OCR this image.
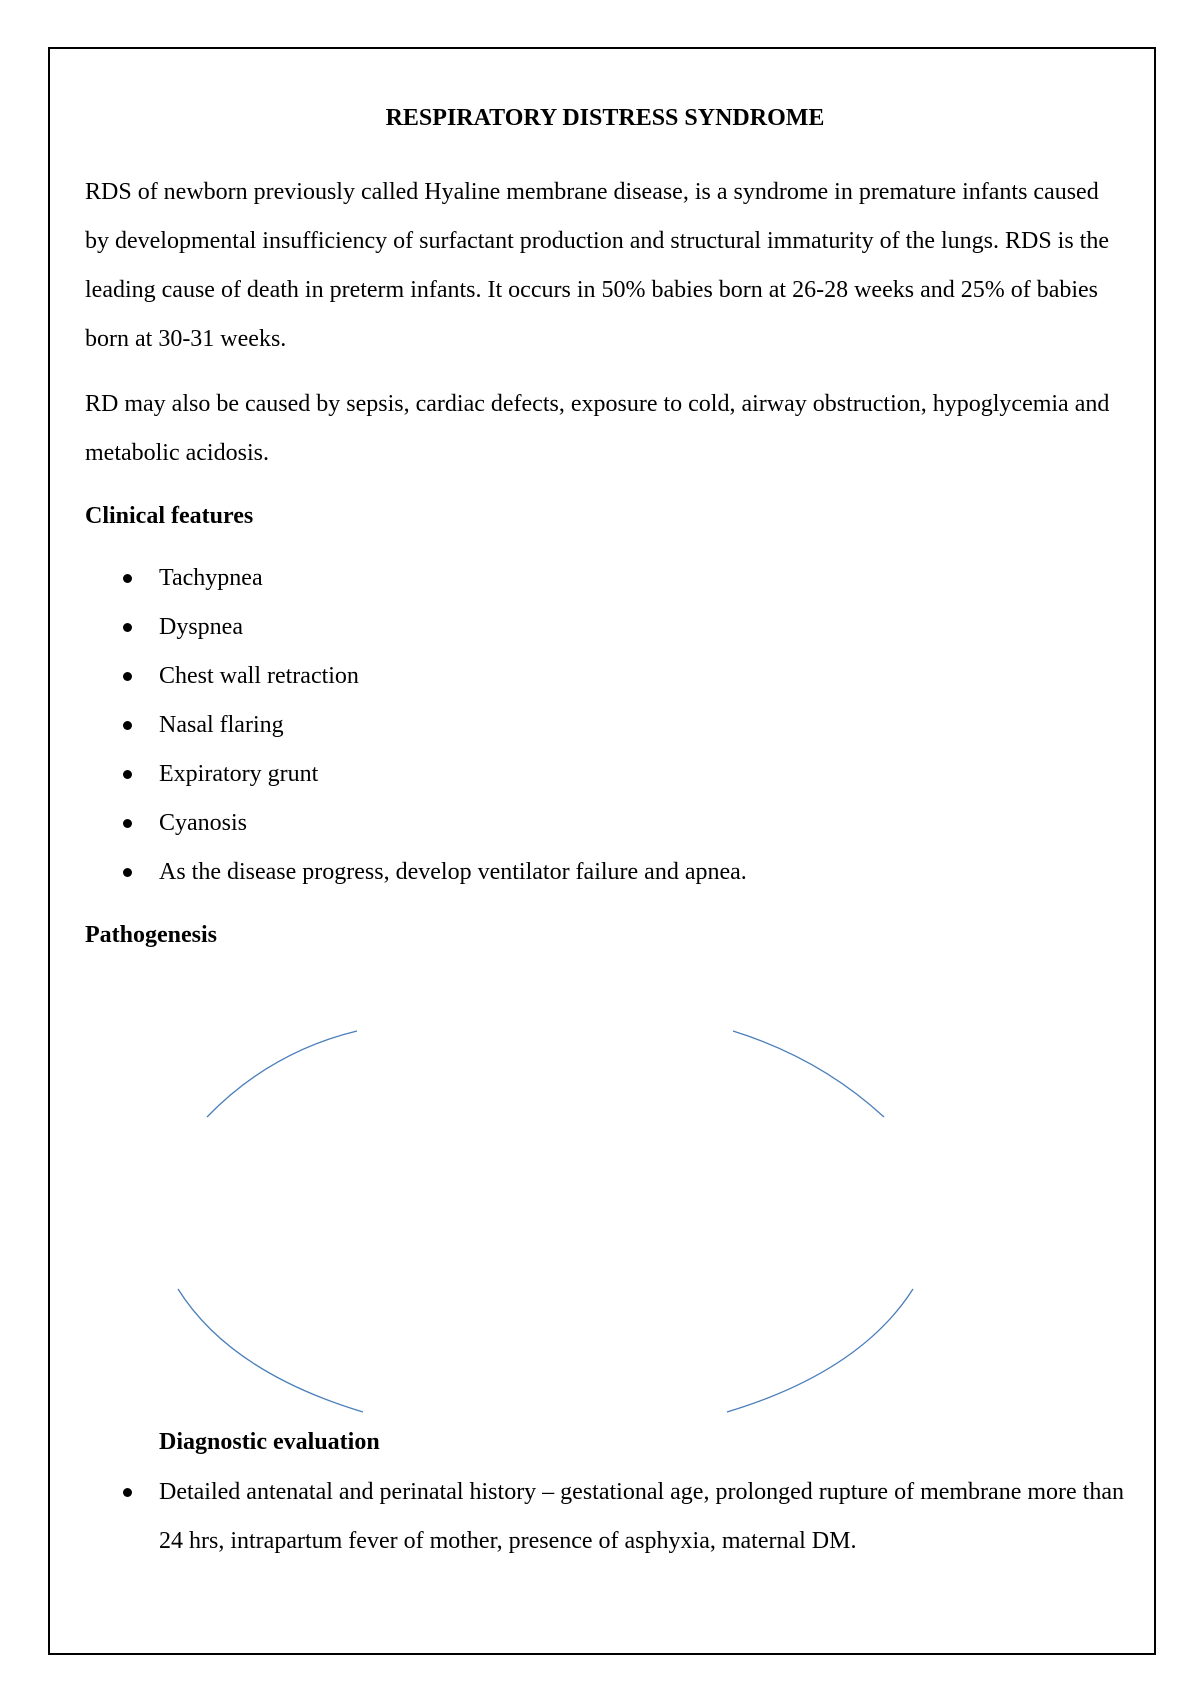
RESPIRATORY DISTRESS SYNDROME

RDS of newborn previously called Hyaline membrane disease, is a syndrome in premature infants caused by developmental insufficiency of surfactant production and structural immaturity of the lungs. RDS is the leading cause of death in preterm infants. It occurs in 50% babies born at 26-28 weeks and 25% of babies born at 30-31 weeks.

RD may also be caused by sepsis, cardiac defects, exposure to cold, airway obstruction, hypoglycemia and metabolic acidosis.

Clinical features
Tachypnea
Dyspnea
Chest wall retraction
Nasal flaring
Expiratory grunt
Cyanosis
As the disease progress, develop ventilator failure and apnea.
Pathogenesis
Diagnostic evaluation
Detailed antenatal and perinatal history – gestational age, prolonged rupture of membrane more than 24 hrs, intrapartum fever of mother, presence of asphyxia, maternal DM.
